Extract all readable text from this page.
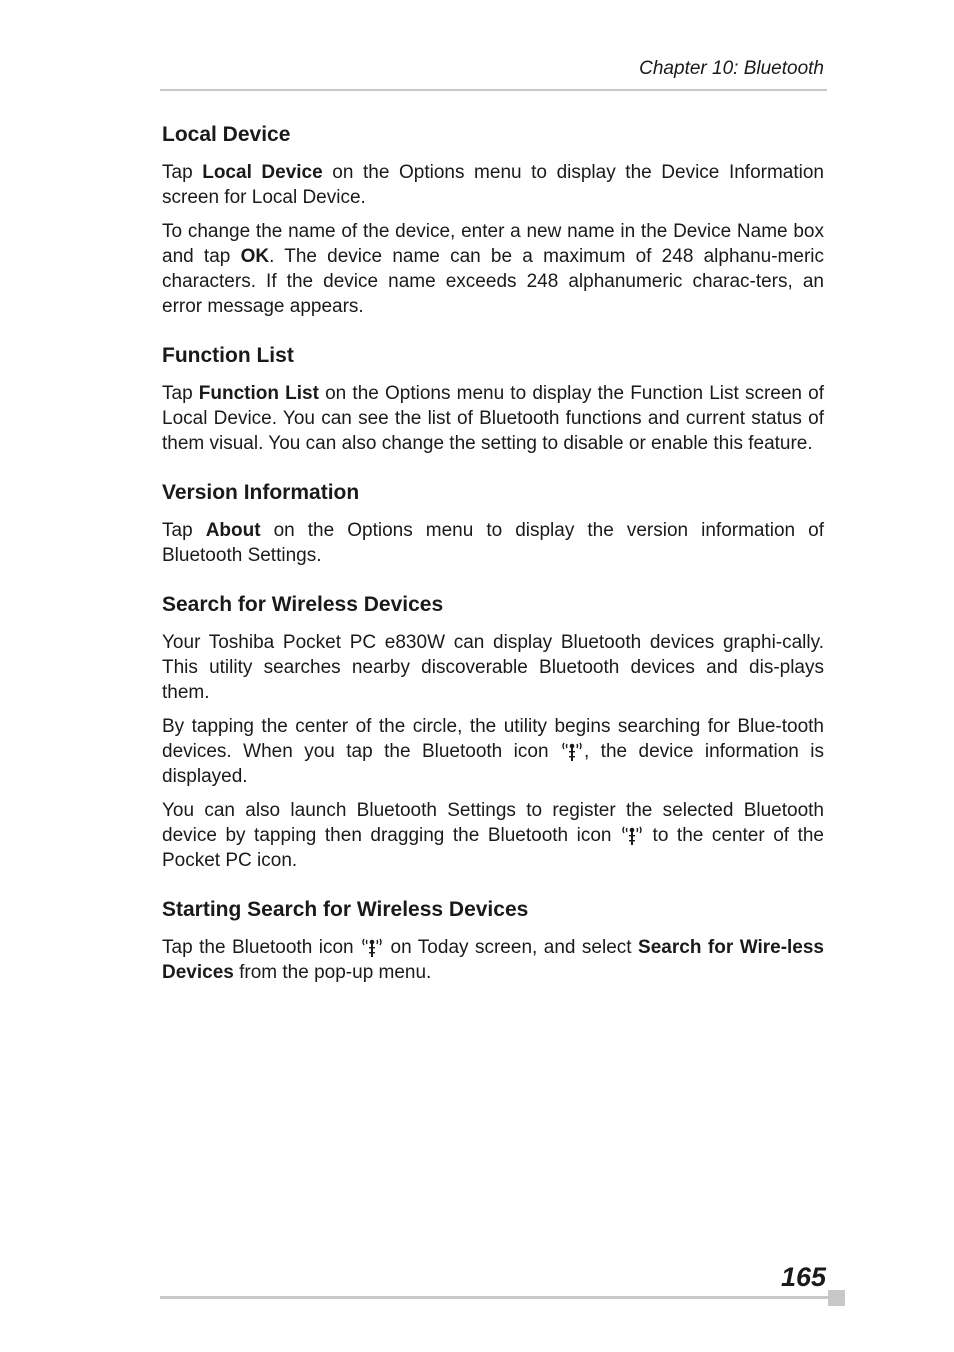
Chapter 10: Bluetooth
Local Device

Tap Local Device on the Options menu to display the Device Information screen for Local Device.

To change the name of the device, enter a new name in the Device Name box and tap OK. The device name can be a maximum of 248 alphanu-meric characters. If the device name exceeds 248 alphanumeric charac-ters, an error message appears.

Function List

Tap Function List on the Options menu to display the Function List screen of Local Device. You can see the list of Bluetooth functions and current status of them visual. You can also change the setting to disable or enable this feature.

Version Information

Tap About on the Options menu to display the version information of Bluetooth Settings.

Search for Wireless Devices

Your Toshiba Pocket PC e830W can display Bluetooth devices graphi-cally. This utility searches nearby discoverable Bluetooth devices and dis-plays them.

By tapping the center of the circle, the utility begins searching for Blue-tooth devices. When you tap the Bluetooth icon , the device information is displayed.

You can also launch Bluetooth Settings to register the selected Bluetooth device by tapping then dragging the Bluetooth icon  to the center of the Pocket PC icon.

Starting Search for Wireless Devices

Tap the Bluetooth icon  on Today screen, and select Search for Wire-less Devices from the pop-up menu.

165
